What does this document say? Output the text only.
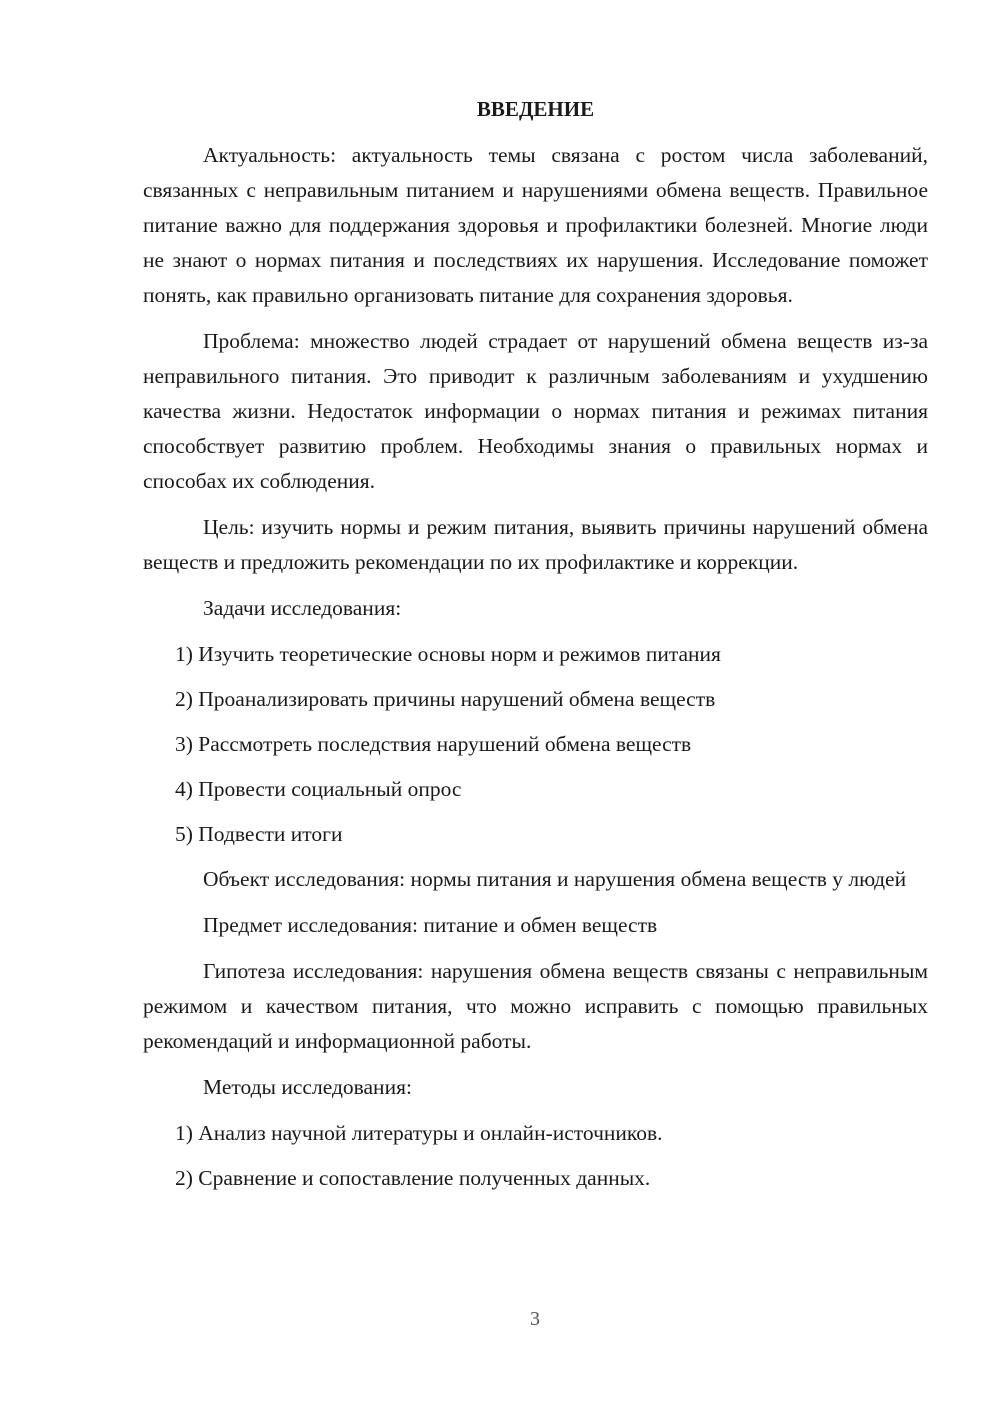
ВВЕДЕНИЕ

Актуальность: актуальность темы связана с ростом числа заболеваний, связанных с неправильным питанием и нарушениями обмена веществ. Правильное питание важно для поддержания здоровья и профилактики болезней. Многие люди не знают о нормах питания и последствиях их нарушения. Исследование поможет понять, как правильно организовать питание для сохранения здоровья.

Проблема: множество людей страдает от нарушений обмена веществ из-за неправильного питания. Это приводит к различным заболеваниям и ухудшению качества жизни. Недостаток информации о нормах питания и режимах питания способствует развитию проблем. Необходимы знания о правильных нормах и способах их соблюдения.

Цель: изучить нормы и режим питания, выявить причины нарушений обмена веществ и предложить рекомендации по их профилактике и коррекции.

Задачи исследования:

1) Изучить теоретические основы норм и режимов питания
2) Проанализировать причины нарушений обмена веществ
3) Рассмотреть последствия нарушений обмена веществ
4) Провести социальный опрос
5) Подвести итоги

Объект исследования: нормы питания и нарушения обмена веществ у людей

Предмет исследования: питание и обмен веществ

Гипотеза исследования: нарушения обмена веществ связаны с неправильным режимом и качеством питания, что можно исправить с помощью правильных рекомендаций и информационной работы.

Методы исследования:

1) Анализ научной литературы и онлайн-источников.
2) Сравнение и сопоставление полученных данных.
3
